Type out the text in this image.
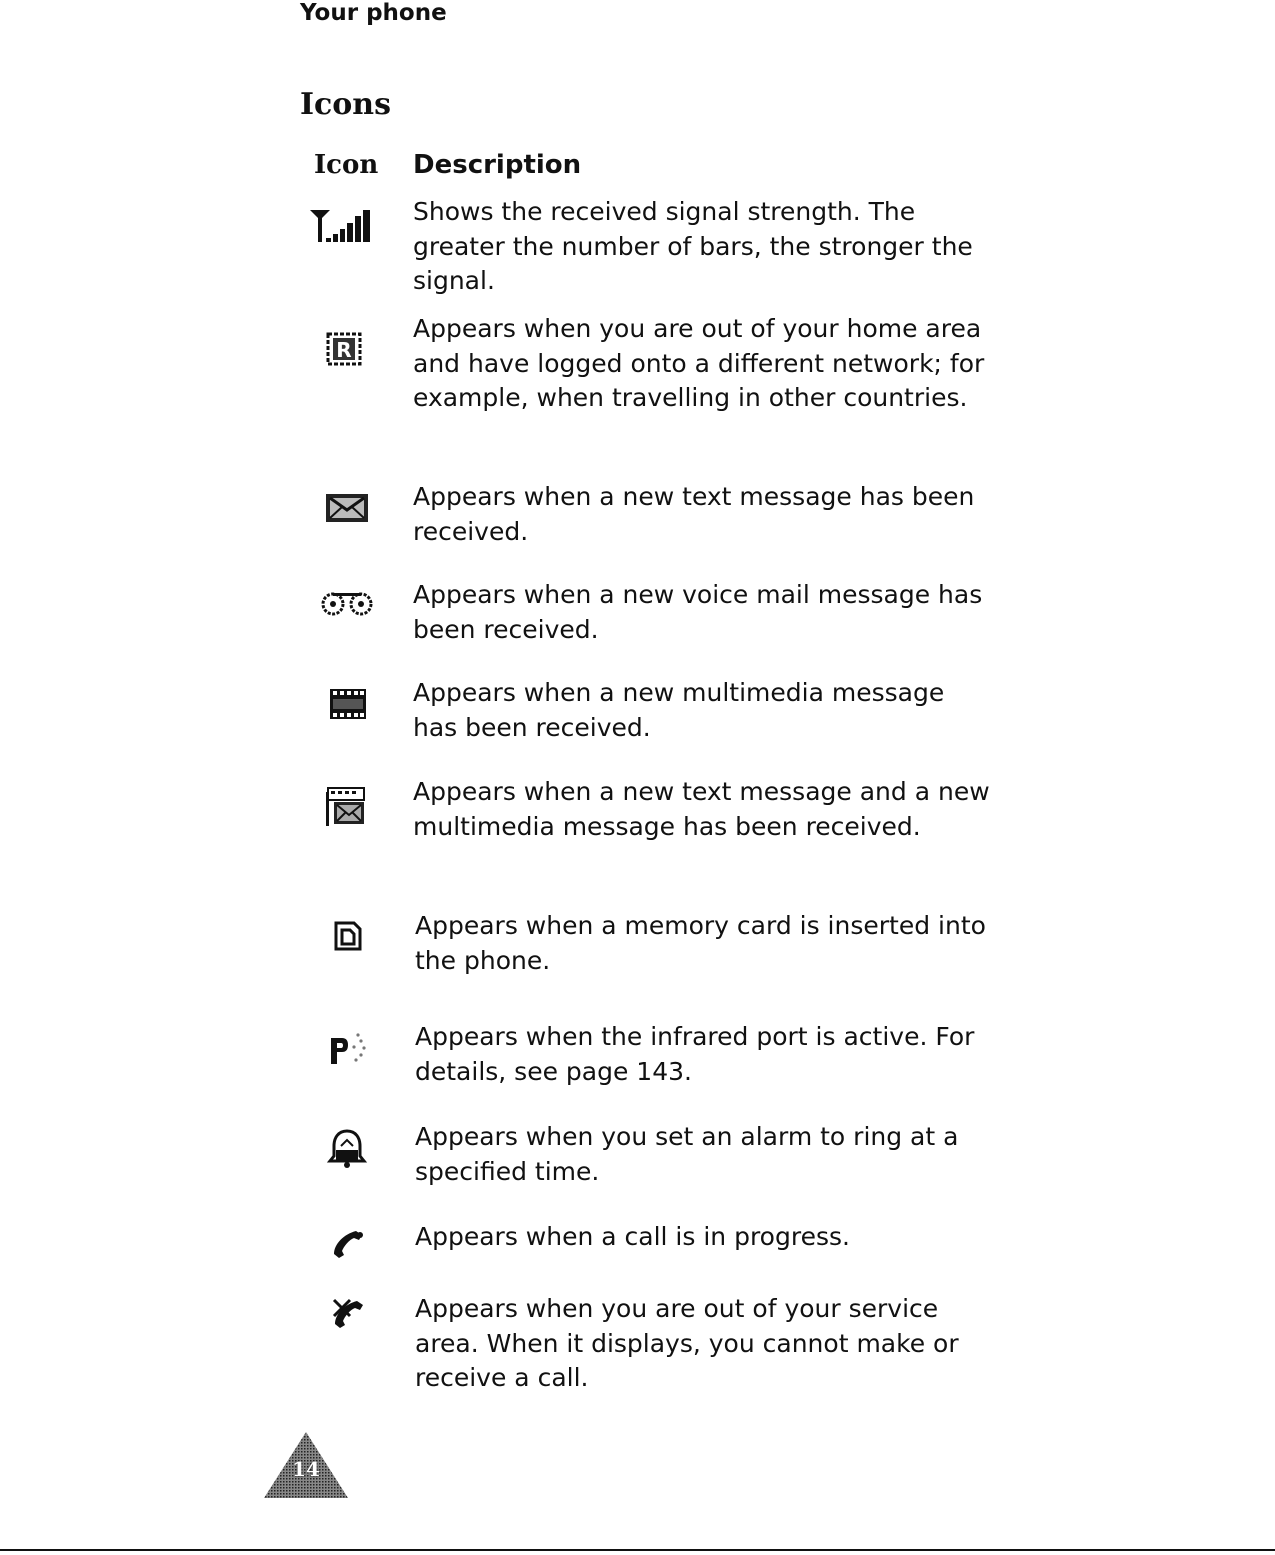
Your phone
Icons
Icon Description
Shows the received signal strength. The greater the number of bars, the stronger the signal.
R
Appears when you are out of your home area and have logged onto a different network; for example, when travelling in other countries.
Appears when a new text message has been received.
Appears when a new voice mail message has been received.
Appears when a new multimedia message has been received.
Appears when a new text message and a new multimedia message has been received.
Appears when a memory card is inserted into the phone.
Appears when the infrared port is active. For details, see page 143.
Appears when you set an alarm to ring at a specified time.
Appears when a call is in progress.
Appears when you are out of your service area. When it displays, you cannot make or receive a call.
14
